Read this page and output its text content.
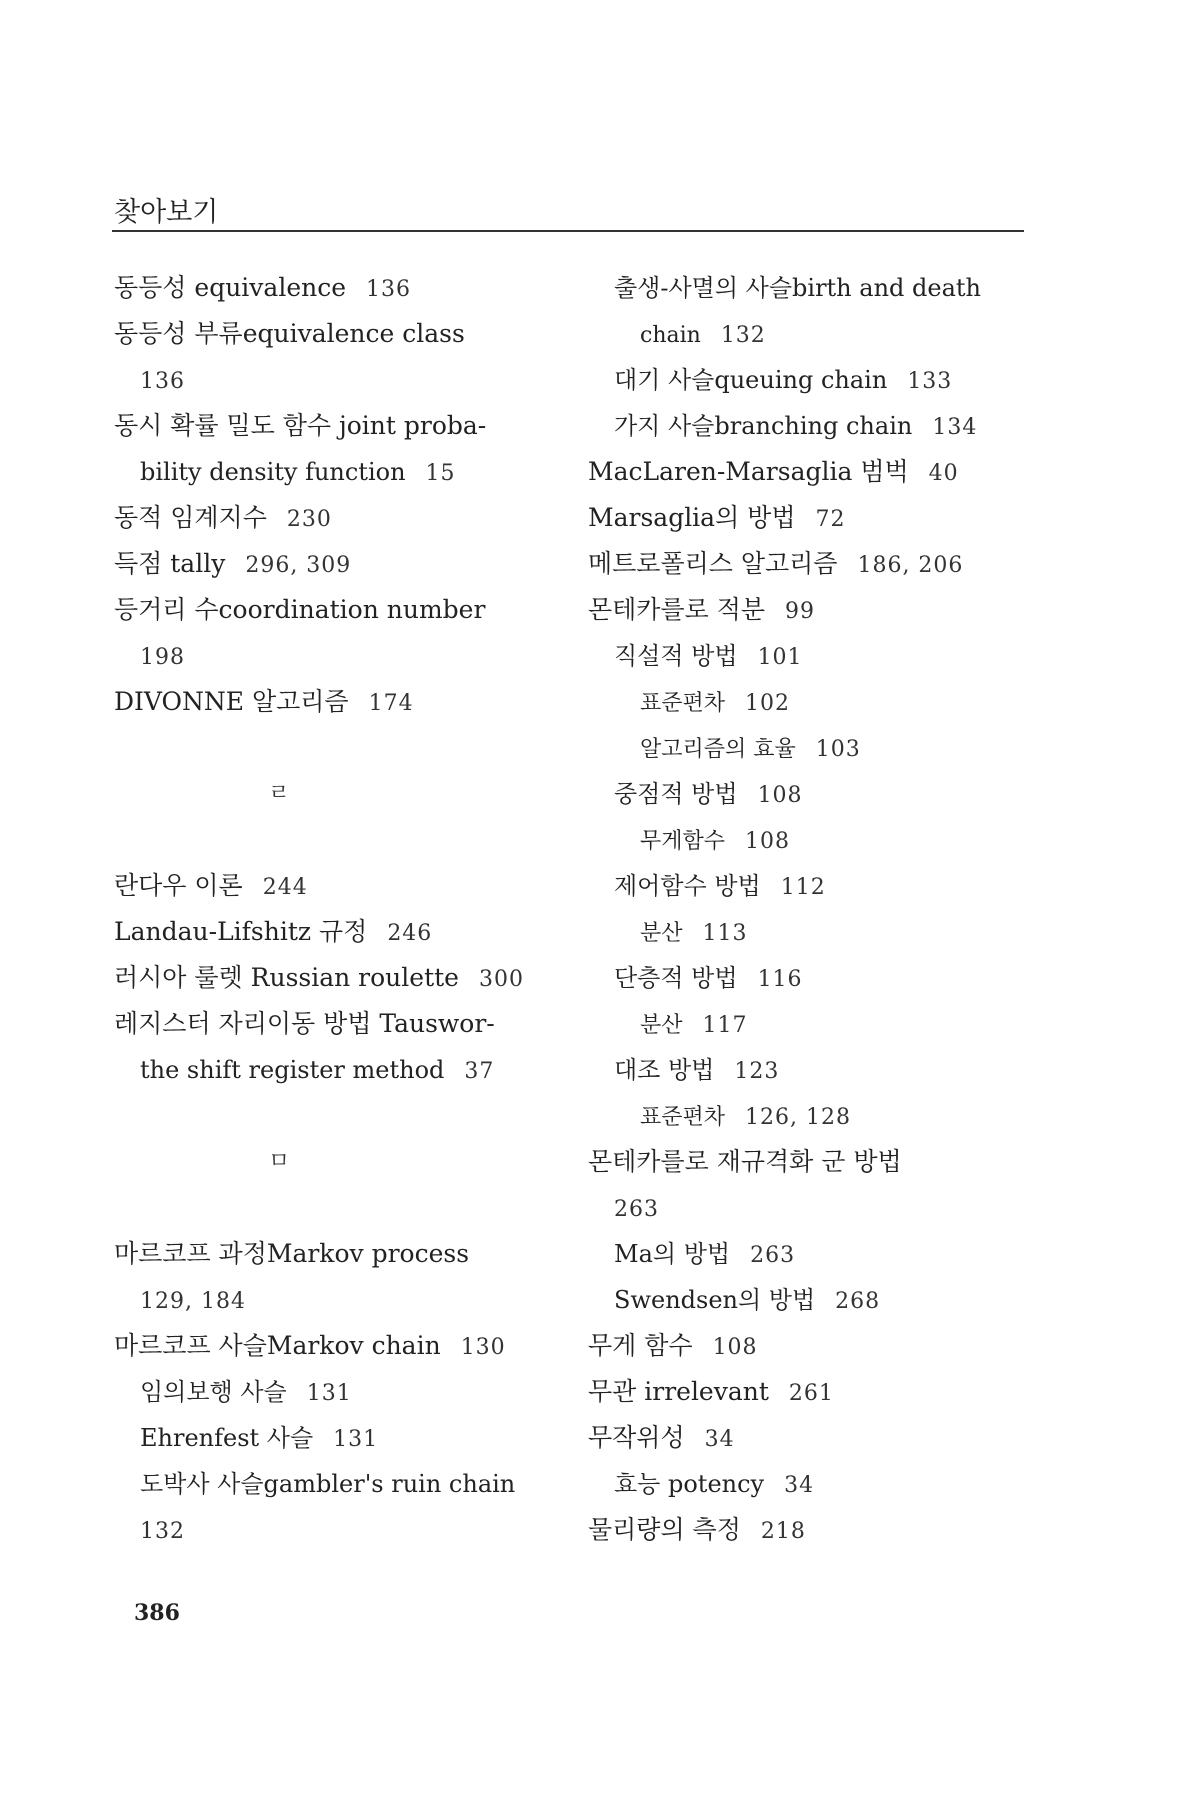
찾아보기
동등성 equivalence 136
동등성 부류equivalence class
136
동시 확률 밀도 함수 joint proba-
bility density function 15
동적 임계지수 230
득점 tally 296, 309
등거리 수coordination number
198
DIVONNE 알고리즘 174
ㄹ
란다우 이론 244
Landau-Lifshitz 규정 246
러시아 룰렛 Russian roulette 300
레지스터 자리이동 방법 Tauswor-
the shift register method 37
ㅁ
마르코프 과정Markov process
129, 184
마르코프 사슬Markov chain 130
임의보행 사슬 131
Ehrenfest 사슬 131
도박사 사슬gambler's ruin chain
132
출생-사멸의 사슬birth and death
chain 132
대기 사슬queuing chain 133
가지 사슬branching chain 134
MacLaren-Marsaglia 범벅 40
Marsaglia의 방법 72
메트로폴리스 알고리즘 186, 206
몬테카를로 적분 99
직설적 방법 101
표준편차 102
알고리즘의 효율 103
중점적 방법 108
무게함수 108
제어함수 방법 112
분산 113
단층적 방법 116
분산 117
대조 방법 123
표준편차 126, 128
몬테카를로 재규격화 군 방법
263
Ma의 방법 263
Swendsen의 방법 268
무게 함수 108
무관 irrelevant 261
무작위성 34
효능 potency 34
물리량의 측정 218
386
